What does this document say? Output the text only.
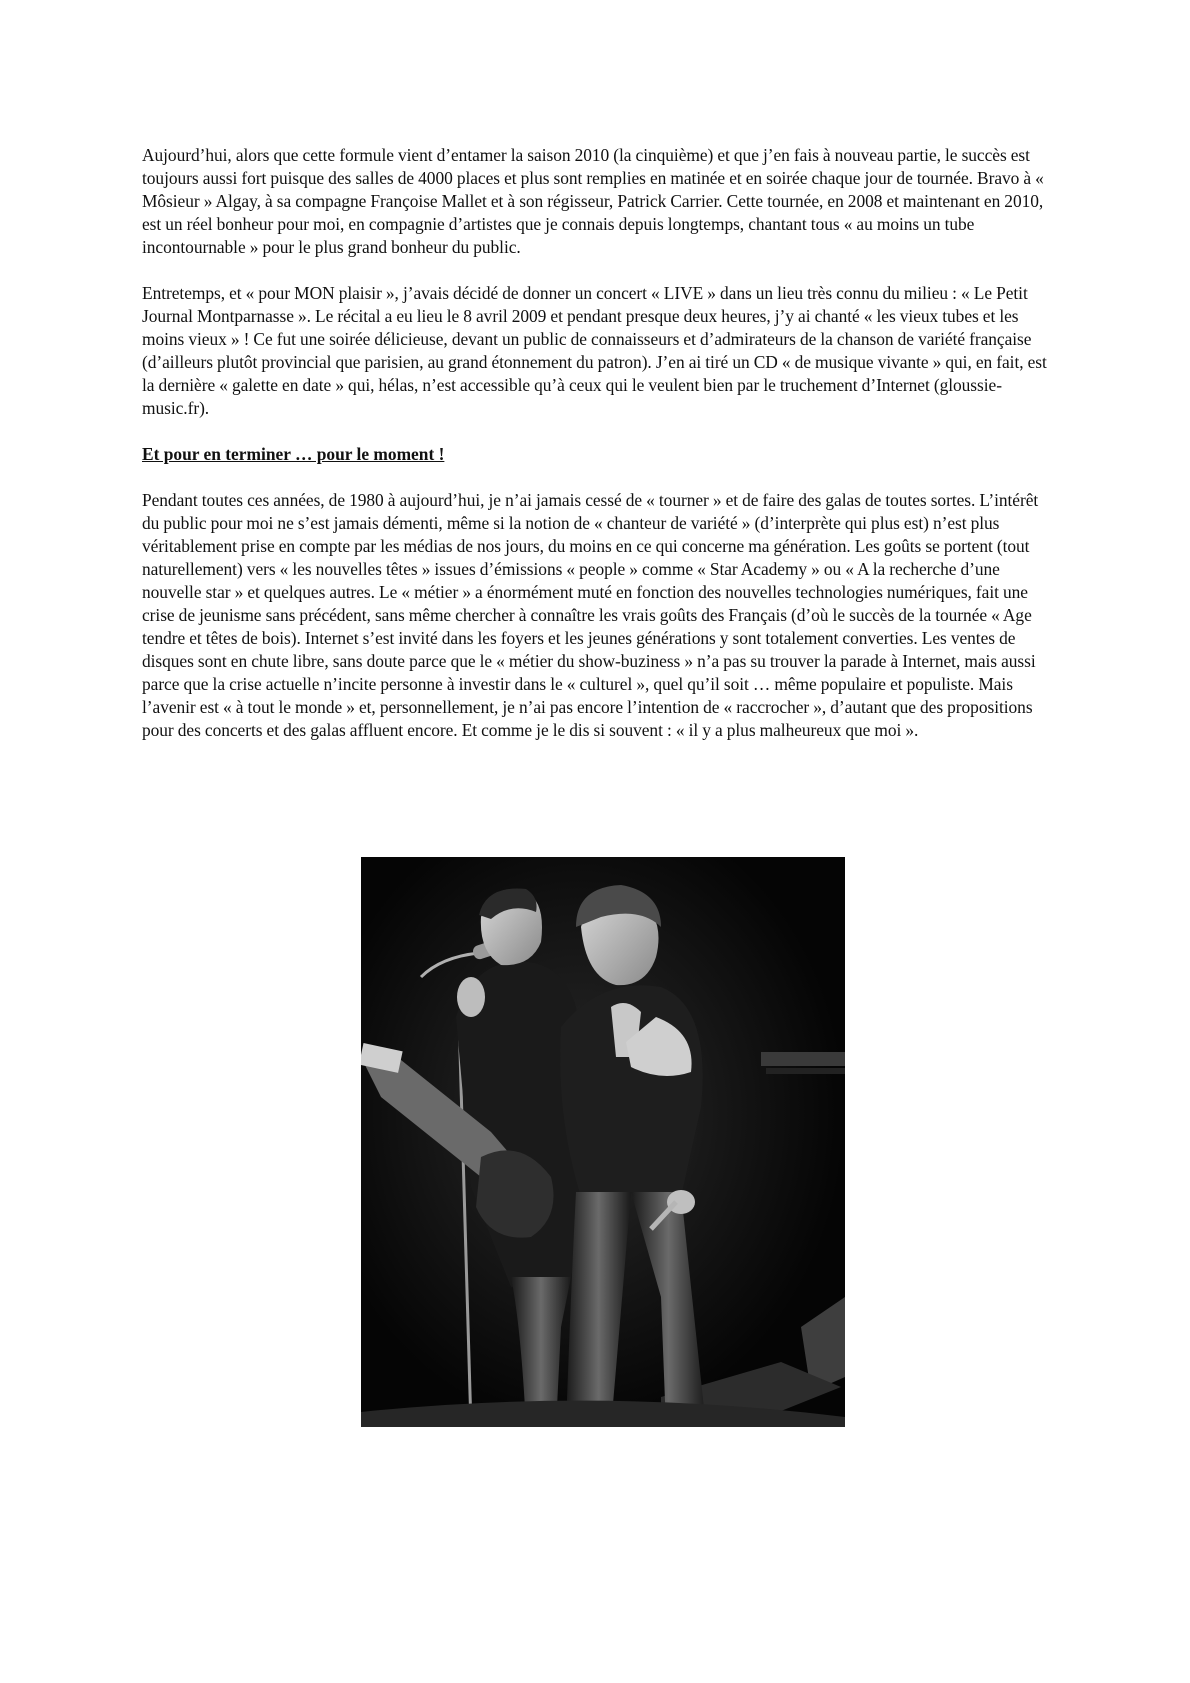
Aujourd’hui, alors que cette formule vient d’entamer la saison 2010 (la cinquième) et que j’en fais à nouveau partie, le succès est toujours aussi fort puisque des salles de 4000 places et plus sont remplies en matinée et en soirée chaque jour de tournée. Bravo à « Môsieur » Algay, à sa compagne Françoise Mallet et à son régisseur, Patrick Carrier. Cette tournée, en 2008 et maintenant en 2010, est un réel bonheur pour moi, en compagnie d’artistes que je connais depuis longtemps, chantant tous « au moins un tube incontournable » pour le plus grand bonheur du public.

Entretemps, et « pour MON plaisir », j’avais décidé de donner un concert « LIVE » dans un lieu très connu du milieu : « Le Petit Journal Montparnasse ». Le récital a eu lieu le 8 avril 2009 et pendant presque deux heures, j’y ai chanté « les vieux tubes et les moins vieux » ! Ce fut une soirée délicieuse, devant un public de connaisseurs et d’admirateurs de la chanson de variété française (d’ailleurs plutôt provincial que parisien, au grand étonnement du patron). J’en ai tiré un CD « de musique vivante » qui, en fait, est la dernière « galette en date » qui, hélas, n’est accessible qu’à ceux qui le veulent bien par le truchement d’Internet (gloussie-music.fr).

Et pour en terminer … pour le moment !

Pendant toutes ces années, de 1980 à aujourd’hui, je n’ai jamais cessé de « tourner » et de faire des galas de toutes sortes. L’intérêt du public pour moi ne s’est jamais démenti, même si la notion de « chanteur de variété » (d’interprète qui plus est) n’est plus véritablement prise en compte par les médias de nos jours, du moins en ce qui concerne ma génération. Les goûts se portent (tout naturellement) vers « les nouvelles têtes » issues d’émissions « people » comme « Star Academy » ou « A la recherche d’une nouvelle star » et quelques autres. Le « métier » a énormément muté en fonction des nouvelles technologies numériques, fait une crise de jeunisme sans précédent, sans même chercher à connaître les vrais goûts des Français (d’où le succès de la tournée « Age tendre et têtes de bois). Internet s’est invité dans les foyers et les jeunes générations y sont totalement converties. Les ventes de disques sont en chute libre, sans doute parce que le « métier du show-buziness » n’a pas su trouver la parade à Internet, mais aussi parce que la crise actuelle n’incite personne à investir dans le « culturel », quel qu’il soit … même populaire et populiste. Mais l’avenir est « à tout le monde » et, personnellement, je n’ai pas encore l’intention de « raccrocher », d’autant que des propositions pour des concerts et des galas affluent encore. Et comme je le dis si souvent : « il y a plus malheureux que moi ».
